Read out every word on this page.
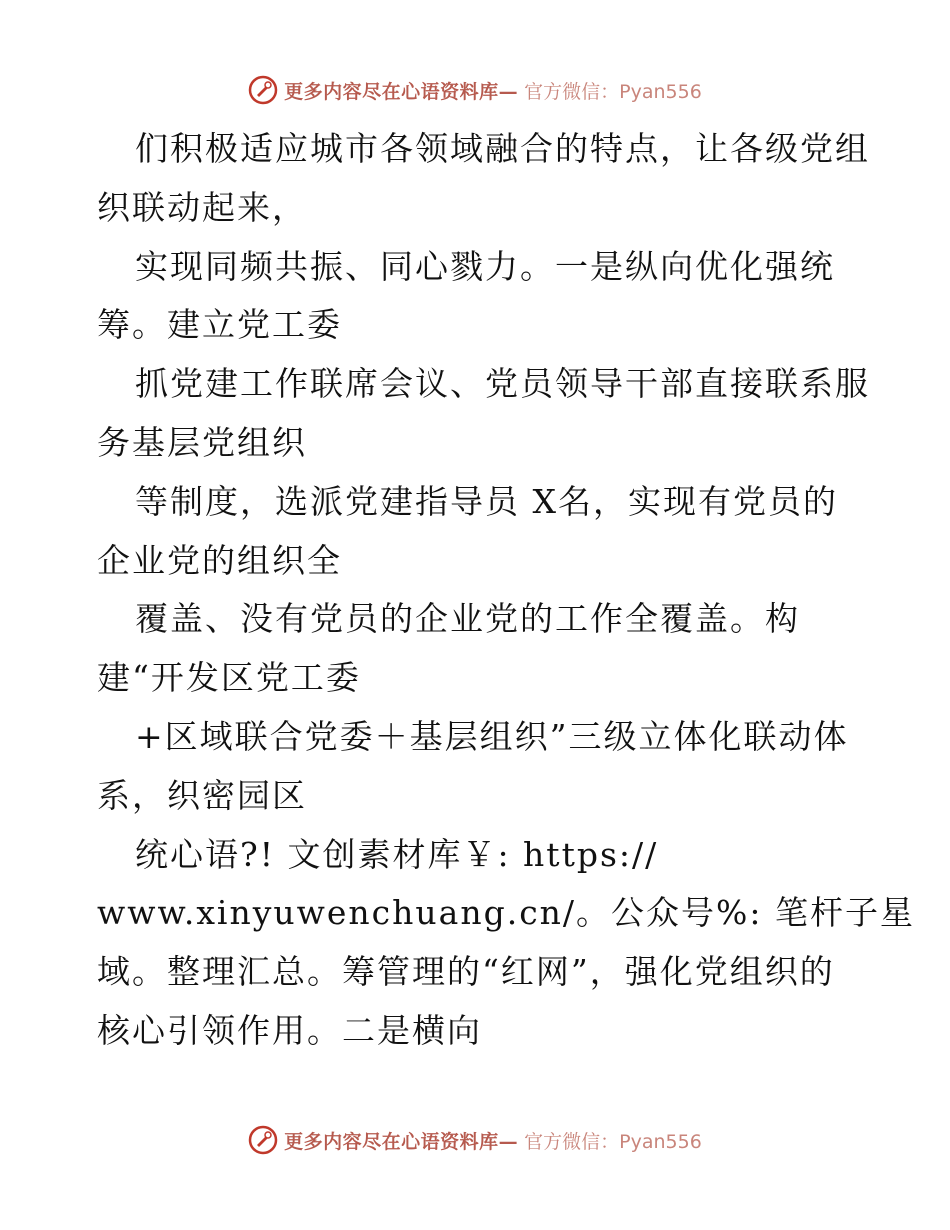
更多内容尽在心语资料库— 官方微信：Pyan556
们积极适应城市各领域融合的特点，让各级党组
织联动起来，
实现同频共振、同心戮力。一是纵向优化强统
筹。建立党工委
抓党建工作联席会议、党员领导干部直接联系服
务基层党组织
等制度，选派党建指导员 X名，实现有党员的
企业党的组织全
覆盖、没有党员的企业党的工作全覆盖。构
建“开发区党工委
+区域联合党委＋基层组织”三级立体化联动体
系，织密园区
统心语?! 文创素材库￥: https://
www.xinyuwenchuang.cn/。公众号%: 笔杆子星
域。整理汇总。筹管理的“红网”，强化党组织的
核心引领作用。二是横向
更多内容尽在心语资料库— 官方微信：Pyan556
